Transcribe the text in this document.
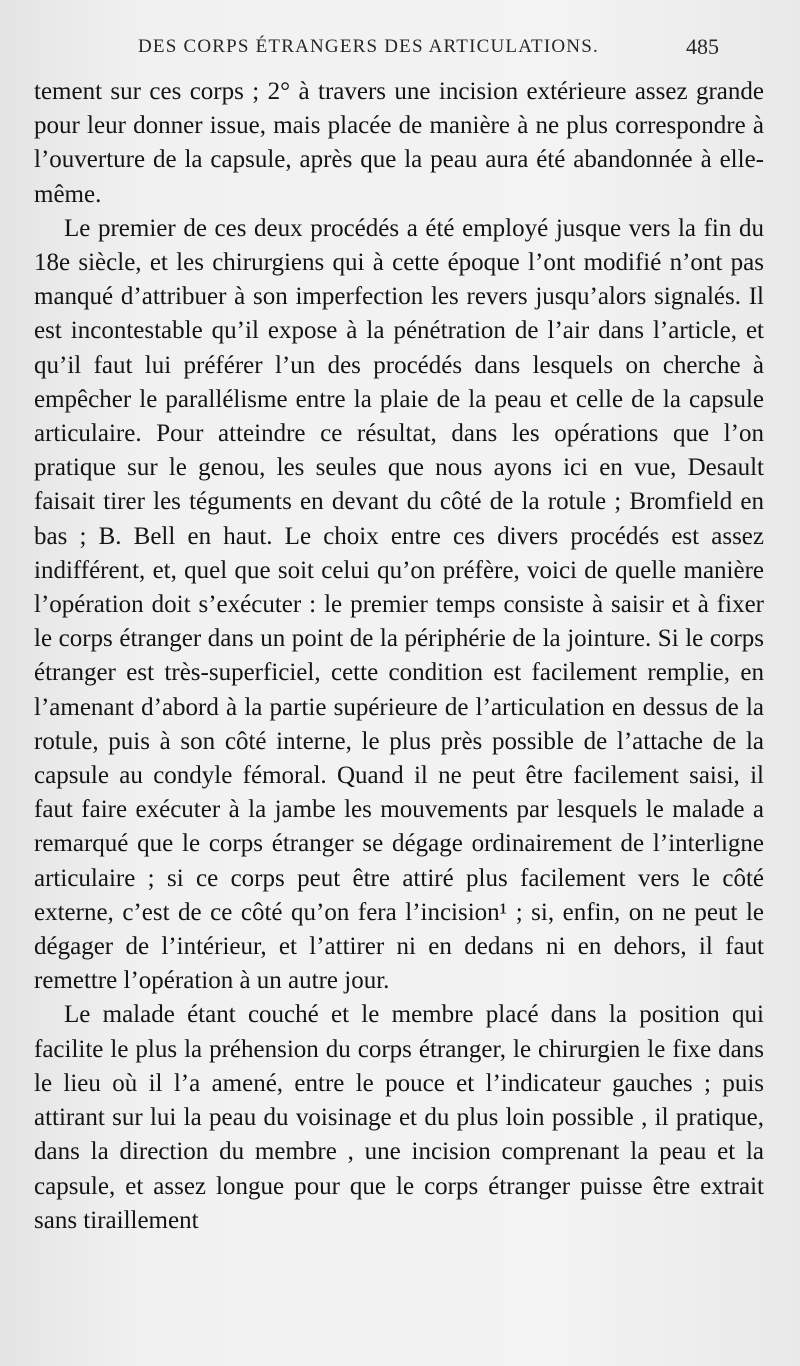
DES CORPS ÉTRANGERS DES ARTICULATIONS.	485

tement sur ces corps ; 2° à travers une incision extérieure assez grande pour leur donner issue, mais placée de manière à ne plus correspondre à l’ouverture de la capsule, après que la peau aura été abandonnée à elle-même.

Le premier de ces deux procédés a été employé jusque vers la fin du 18e siècle, et les chirurgiens qui à cette époque l’ont modifié n’ont pas manqué d’attribuer à son imperfection les revers jusqu’alors signalés. Il est incontestable qu’il expose à la pénétration de l’air dans l’article, et qu’il faut lui préférer l’un des procédés dans lesquels on cherche à empêcher le parallélisme entre la plaie de la peau et celle de la capsule articulaire. Pour atteindre ce résultat, dans les opérations que l’on pratique sur le genou, les seules que nous ayons ici en vue, Desault faisait tirer les téguments en devant du côté de la rotule ; Bromfield en bas ; B. Bell en haut. Le choix entre ces divers procédés est assez indifférent, et, quel que soit celui qu’on préfère, voici de quelle manière l’opération doit s’exécuter : le premier temps consiste à saisir et à fixer le corps étranger dans un point de la périphérie de la jointure. Si le corps étranger est très-superficiel, cette condition est facilement remplie, en l’amenant d’abord à la partie supérieure de l’articulation en dessus de la rotule, puis à son côté interne, le plus près possible de l’attache de la capsule au condyle fémoral. Quand il ne peut être facilement saisi, il faut faire exécuter à la jambe les mouvements par lesquels le malade a remarqué que le corps étranger se dégage ordinairement de l’interligne articulaire ; si ce corps peut être attiré plus facilement vers le côté externe, c’est de ce côté qu’on fera l’incision¹ ; si, enfin, on ne peut le dégager de l’intérieur, et l’attirer ni en dedans ni en dehors, il faut remettre l’opération à un autre jour.

Le malade étant couché et le membre placé dans la position qui facilite le plus la préhension du corps étranger, le chirurgien le fixe dans le lieu où il l’a amené, entre le pouce et l’indicateur gauches ; puis attirant sur lui la peau du voisinage et du plus loin possible , il pratique, dans la direction du membre , une incision comprenant la peau et la capsule, et assez longue pour que le corps étranger puisse être extrait sans tiraillement
